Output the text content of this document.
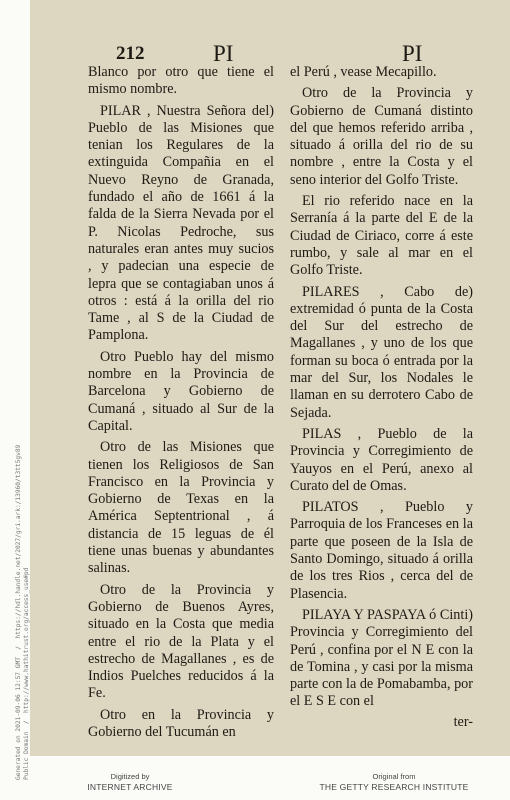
Generated on 2021-09-06 12:57 GMT  /  https://hdl.handle.net/2027/gri.ark:/13960/t3tt5gv89
Public Domain  /  http://www.hathitrust.org/access_use#pd
212	PI	PI

Blanco por otro que tiene el mismo nombre.

PILAR , Nuestra Señora del) Pueblo de las Misiones que tenian los Regulares de la extinguida Compañia en el Nuevo Reyno de Granada, fundado el año de 1661 á la falda de la Sierra Nevada por el P. Nicolas Pedroche, sus naturales eran antes muy sucios , y padecian una especie de lepra que se contagiaban unos á otros : está á la orilla del rio Tame , al S de la Ciudad de Pamplona.

Otro Pueblo hay del mismo nombre en la Provincia de Barcelona y Gobierno de Cumaná , situado al Sur de la Capital.

Otro de las Misiones que tienen los Religiosos de San Francisco en la Provincia y Gobierno de Texas en la América Septentrional , á distancia de 15 leguas de él tiene unas buenas y abundantes salinas.

Otro de la Provincia y Gobierno de Buenos Ayres, situado en la Costa que media entre el rio de la Plata y el estrecho de Magallanes , es de Indios Puelches reducidos á la Fe.

Otro en la Provincia y Gobierno del Tucumán en

el Perú , vease Mecapillo.

Otro de la Provincia y Gobierno de Cumaná distinto del que hemos referido arriba , situado á orilla del rio de su nombre , entre la Costa y el seno interior del Golfo Triste.

El rio referido nace en la Serranía á la parte del E de la Ciudad de Ciriaco, corre á este rumbo, y sale al mar en el Golfo Triste.

PILARES , Cabo de) extremidad ó punta de la Costa del Sur del estrecho de Magallanes , y uno de los que forman su boca ó entrada por la mar del Sur, los Nodales le llaman en su derrotero Cabo de Sejada.

PILAS , Pueblo de la Provincia y Corregimiento de Yauyos en el Perú, anexo al Curato del de Omas.

PILATOS , Pueblo y Parroquia de los Franceses en la parte que poseen de la Isla de Santo Domingo, situado á orilla de los tres Rios , cerca del de Plasencia.

PILAYA Y PASPAYA ó Cinti) Provincia y Corregimiento del Perú , confina por el N E con la de Tomina , y casi por la misma parte con la de Pomabamba, por el E S E con el

ter-
Digitized by
INTERNET ARCHIVE
Original from
THE GETTY RESEARCH INSTITUTE
